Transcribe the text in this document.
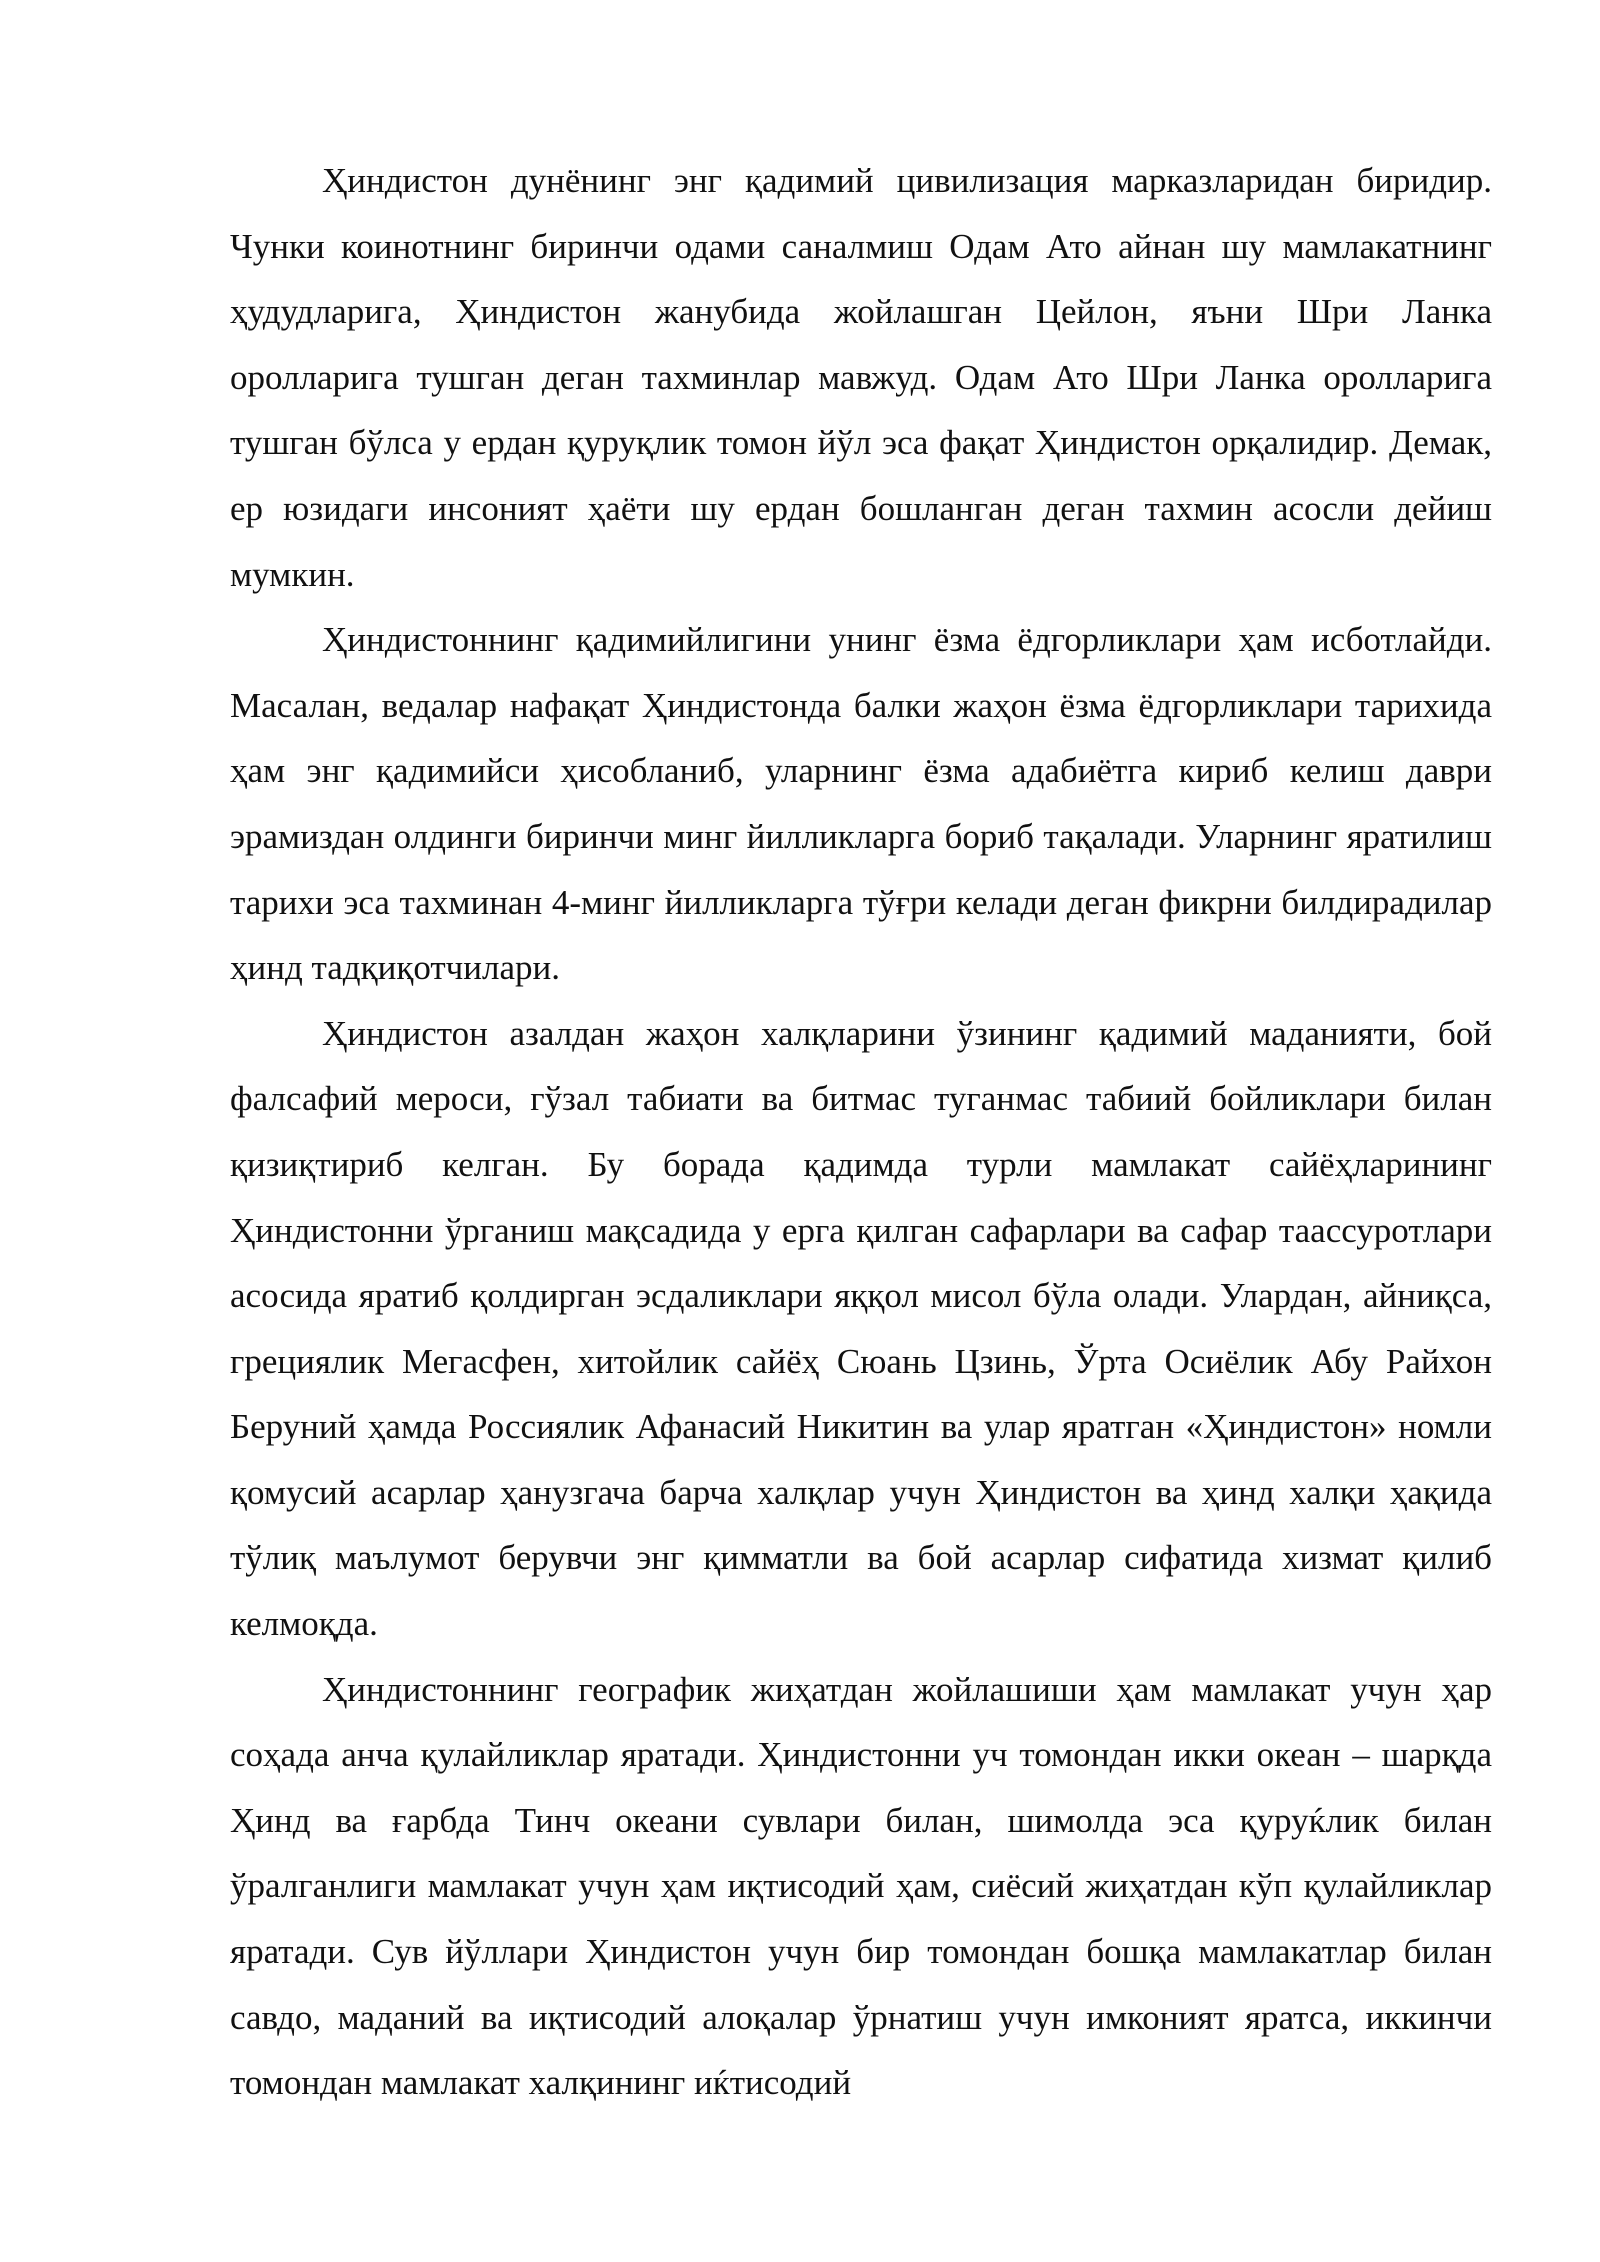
Ҳиндистон дунёнинг энг қадимий цивилизация марказларидан биридир. Чунки коинотнинг биринчи одами саналмиш Одам Ато айнан шу мамлакатнинг ҳудудларига, Ҳиндистон жанубида жойлашган Цейлон, яъни Шри Ланка оролларига тушган деган тахминлар мавжуд. Одам Ато Шри Ланка оролларига тушган бўлса у ердан қуруқлик томон йўл эса фақат Ҳиндистон орқалидир. Демак, ер юзидаги инсоният ҳаёти шу ердан бошланган деган тахмин асосли дейиш мумкин.

Ҳиндистоннинг қадимийлигини унинг ёзма ёдгорликлари ҳам исботлайди. Масалан, ведалар нафақат Ҳиндистонда балки жаҳон ёзма ёдгорликлари тарихида ҳам энг қадимийси ҳисобланиб, уларнинг ёзма адабиётга кириб келиш даври эрамиздан олдинги биринчи минг йилликларга бориб тақалади. Уларнинг яратилиш тарихи эса тахминан 4-минг йилликларга тўғри келади деган фикрни билдирадилар ҳинд тадқиқотчилари.

Ҳиндистон азалдан жаҳон халқларини ўзининг қадимий маданияти, бой фалсафий мероси, гўзал табиати ва битмас туганмас табиий бойликлари билан қизиқтириб келган. Бу борада қадимда турли мамлакат сайёҳларининг Ҳиндистонни ўрганиш мақсадида у ерга қилган сафарлари ва сафар таассуротлари асосида яратиб қолдирган эсдаликлари яққол мисол бўла олади. Улардан, айниқса, грециялик Мегасфен, хитойлик сайёҳ Сюань Цзинь, Ўрта Осиёлик Абу Райхон Беруний ҳамда Россиялик Афанасий Никитин ва улар яратган «Ҳиндистон» номли қомусий асарлар ҳанузгача барча халқлар учун Ҳиндистон ва ҳинд халқи ҳақида тўлиқ маълумот берувчи энг қимматли ва бой асарлар сифатида хизмат қилиб келмоқда.

Ҳиндистоннинг географик жиҳатдан жойлашиши ҳам мамлакат учун ҳар соҳада анча қулайликлар яратади. Ҳиндистонни уч томондан икки океан – шарқда Ҳинд ва ғарбда Тинч океани сувлари билан, шимолда эса қуруќлик билан ўралганлиги мамлакат учун ҳам иқтисодий ҳам, сиёсий жиҳатдан кўп қулайликлар яратади. Сув йўллари Ҳиндистон учун бир томондан бошқа мамлакатлар билан савдо, маданий ва иқтисодий алоқалар ўрнатиш учун имконият яратса, иккинчи томондан мамлакат халқининг иќтисодий
